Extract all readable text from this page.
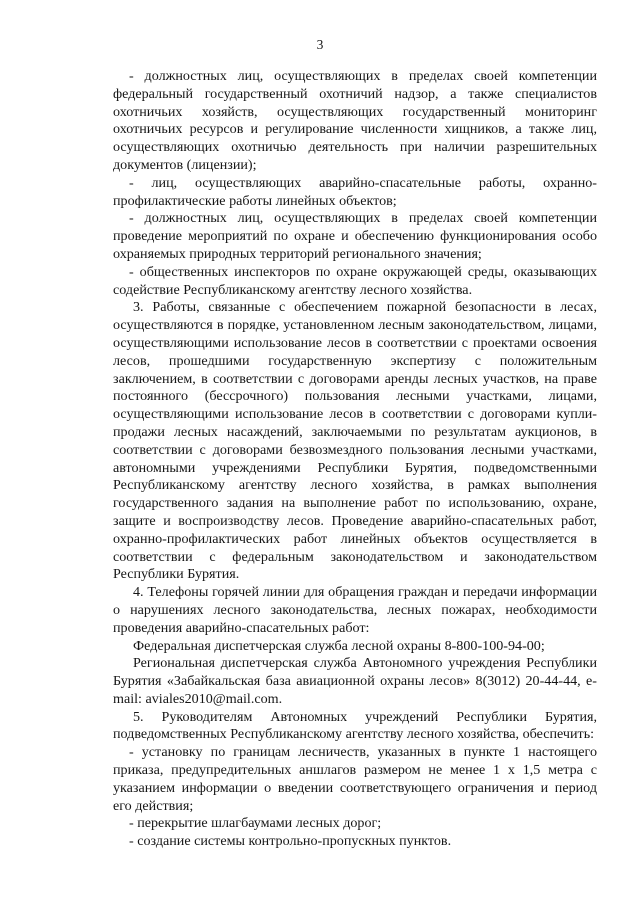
3

- должностных лиц, осуществляющих в пределах своей компетенции федеральный государственный охотничий надзор, а также специалистов охотничьих хозяйств, осуществляющих государственный мониторинг охотничьих ресурсов и регулирование численности хищников, а также лиц, осуществляющих охотничью деятельность при наличии разрешительных документов (лицензии);

- лиц, осуществляющих аварийно-спасательные работы, охранно-профилактические работы линейных объектов;

- должностных лиц, осуществляющих в пределах своей компетенции проведение мероприятий по охране и обеспечению функционирования особо охраняемых природных территорий регионального значения;

- общественных инспекторов по охране окружающей среды, оказывающих содействие Республиканскому агентству лесного хозяйства.

3. Работы, связанные с обеспечением пожарной безопасности в лесах, осуществляются в порядке, установленном лесным законодательством, лицами, осуществляющими использование лесов в соответствии с проектами освоения лесов, прошедшими государственную экспертизу с положительным заключением, в соответствии с договорами аренды лесных участков, на праве постоянного (бессрочного) пользования лесными участками, лицами, осуществляющими использование лесов в соответствии с договорами купли-продажи лесных насаждений, заключаемыми по результатам аукционов, в соответствии с договорами безвозмездного пользования лесными участками, автономными учреждениями Республики Бурятия, подведомственными Республиканскому агентству лесного хозяйства, в рамках выполнения государственного задания на выполнение работ по использованию, охране, защите и воспроизводству лесов. Проведение аварийно-спасательных работ, охранно-профилактических работ линейных объектов осуществляется в соответствии с федеральным законодательством и законодательством Республики Бурятия.

4. Телефоны горячей линии для обращения граждан и передачи информации о нарушениях лесного законодательства, лесных пожарах, необходимости проведения аварийно-спасательных работ:

Федеральная диспетчерская служба лесной охраны 8-800-100-94-00;

Региональная диспетчерская служба Автономного учреждения Республики Бурятия «Забайкальская база авиационной охраны лесов» 8(3012) 20-44-44, e-mail: aviales2010@mail.com.

5. Руководителям Автономных учреждений Республики Бурятия, подведомственных Республиканскому агентству лесного хозяйства, обеспечить:

- установку по границам лесничеств, указанных в пункте 1 настоящего приказа, предупредительных аншлагов размером не менее 1 х 1,5 метра с указанием информации о введении соответствующего ограничения и период его действия;

- перекрытие шлагбаумами лесных дорог;

- создание системы контрольно-пропускных пунктов.
